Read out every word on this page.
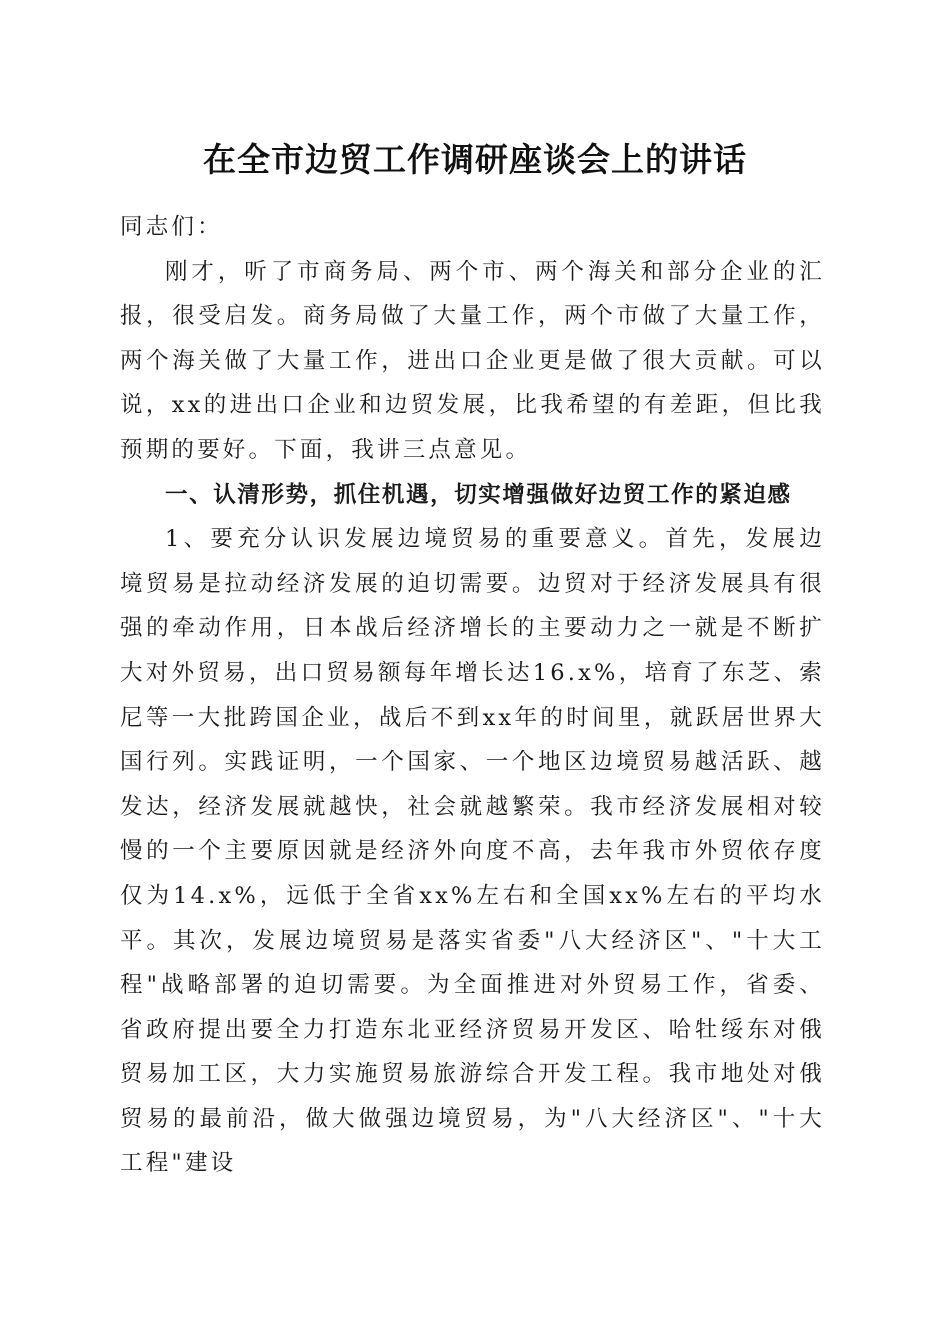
在全市边贸工作调研座谈会上的讲话

同志们：

刚才，听了市商务局、两个市、两个海关和部分企业的汇报，很受启发。商务局做了大量工作，两个市做了大量工作，两个海关做了大量工作，进出口企业更是做了很大贡献。可以说，xx的进出口企业和边贸发展，比我希望的有差距，但比我预期的要好。下面，我讲三点意见。

一、认清形势，抓住机遇，切实增强做好边贸工作的紧迫感

1、要充分认识发展边境贸易的重要意义。首先，发展边境贸易是拉动经济发展的迫切需要。边贸对于经济发展具有很强的牵动作用，日本战后经济增长的主要动力之一就是不断扩大对外贸易，出口贸易额每年增长达16.x%，培育了东芝、索尼等一大批跨国企业，战后不到xx年的时间里，就跃居世界大国行列。实践证明，一个国家、一个地区边境贸易越活跃、越发达，经济发展就越快，社会就越繁荣。我市经济发展相对较慢的一个主要原因就是经济外向度不高，去年我市外贸依存度仅为14.x%，远低于全省xx%左右和全国xx%左右的平均水平。其次，发展边境贸易是落实省委"八大经济区"、"十大工程"战略部署的迫切需要。为全面推进对外贸易工作，省委、省政府提出要全力打造东北亚经济贸易开发区、哈牡绥东对俄贸易加工区，大力实施贸易旅游综合开发工程。我市地处对俄贸易的最前沿，做大做强边境贸易，为"八大经济区"、"十大工程"建设
